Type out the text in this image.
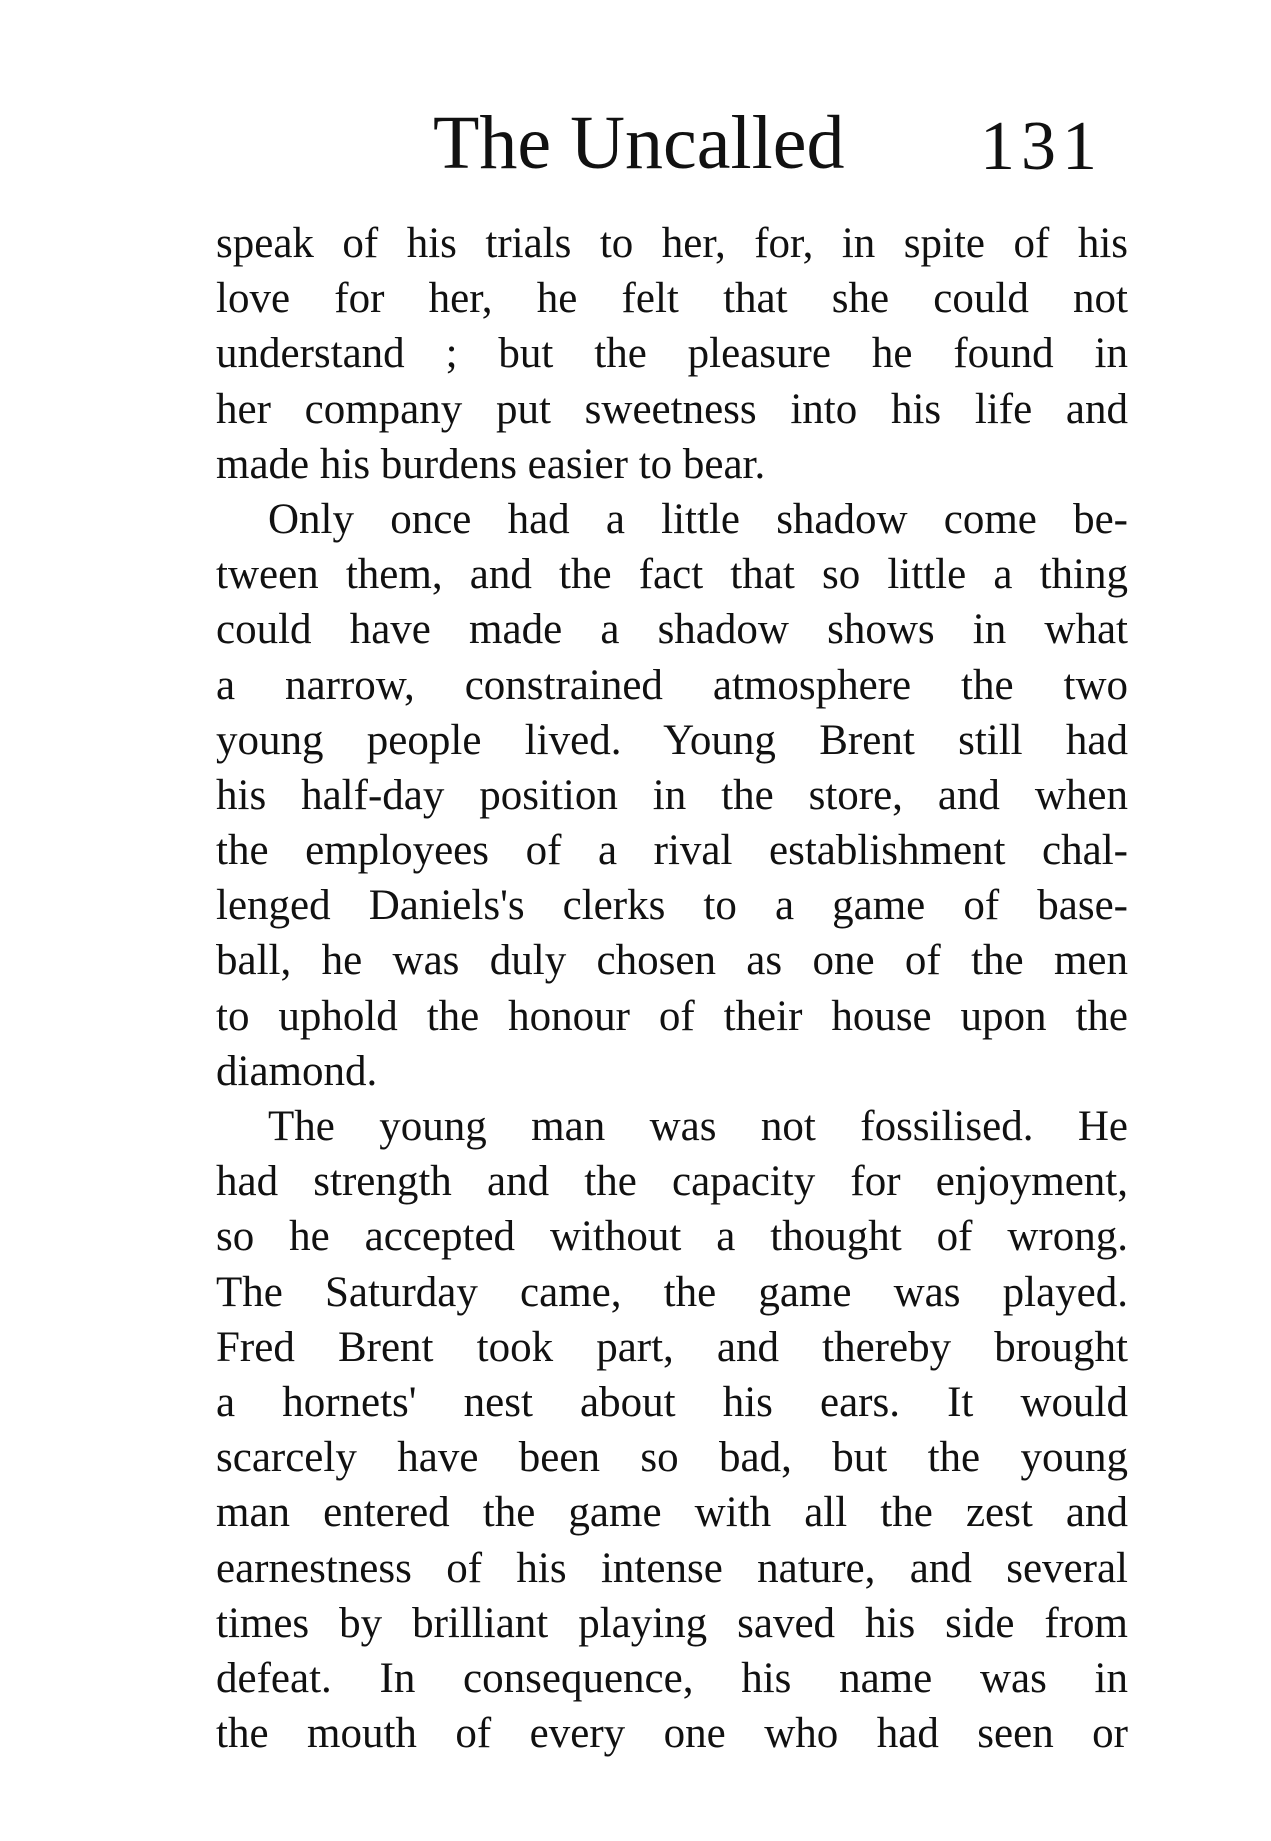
The Uncalled 131
speak of his trials to her, for, in spite of his
love for her, he felt that she could not
understand ; but the pleasure he found in
her company put sweetness into his life and
made his burdens easier to bear.
Only once had a little shadow come be-
tween them, and the fact that so little a thing
could have made a shadow shows in what
a narrow, constrained atmosphere the two
young people lived. Young Brent still had
his half-day position in the store, and when
the employees of a rival establishment chal-
lenged Daniels's clerks to a game of base-
ball, he was duly chosen as one of the men
to uphold the honour of their house upon the
diamond.
The young man was not fossilised. He
had strength and the capacity for enjoyment,
so he accepted without a thought of wrong.
The Saturday came, the game was played.
Fred Brent took part, and thereby brought
a hornets' nest about his ears. It would
scarcely have been so bad, but the young
man entered the game with all the zest and
earnestness of his intense nature, and several
times by brilliant playing saved his side from
defeat. In consequence, his name was in
the mouth of every one who had seen or
